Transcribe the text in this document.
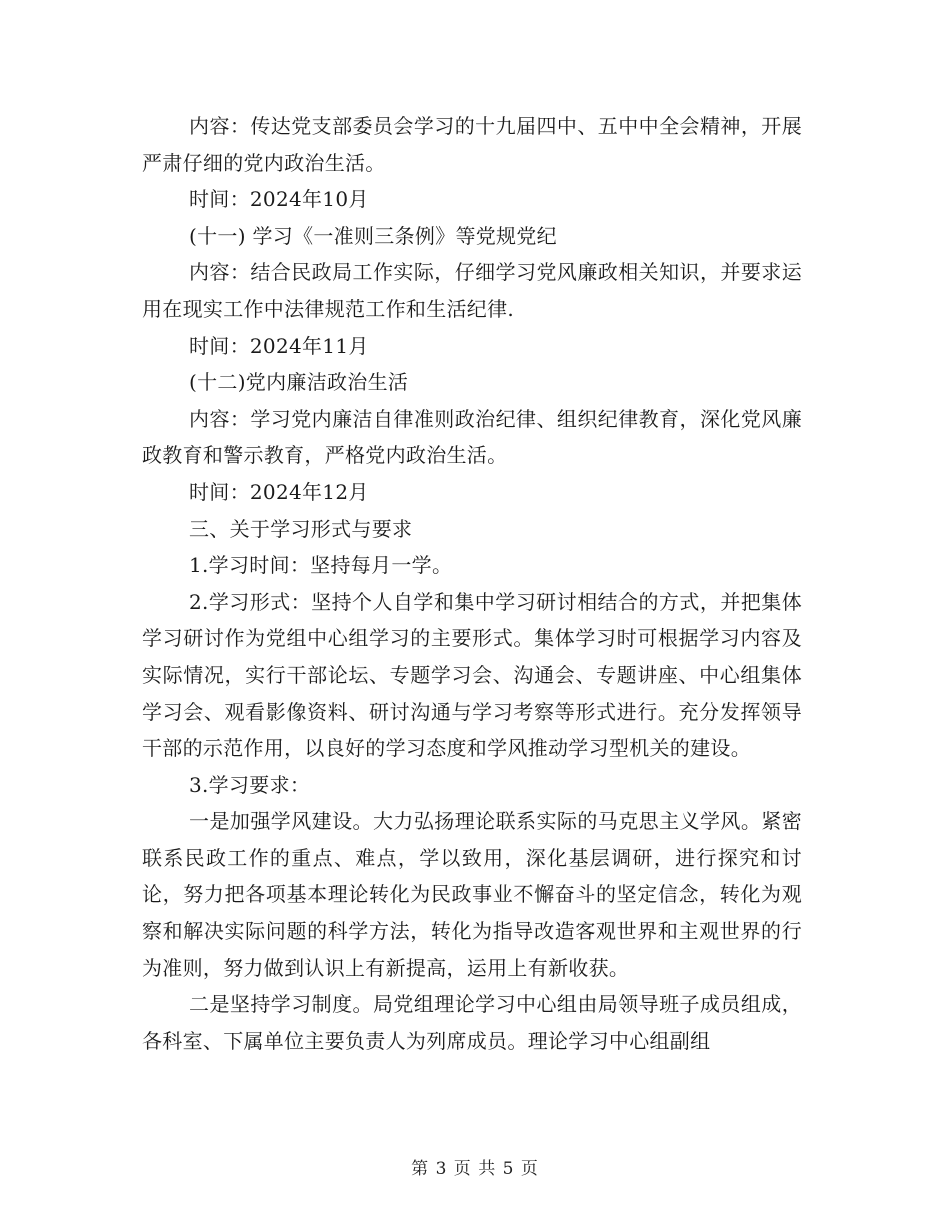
内容：传达党支部委员会学习的十九届四中、五中中全会精神，开展严肃仔细的党内政治生活。

时间：2024年10月

(十一) 学习《一准则三条例》等党规党纪

内容：结合民政局工作实际，仔细学习党风廉政相关知识，并要求运用在现实工作中法律规范工作和生活纪律.

时间：2024年11月

(十二)党内廉洁政治生活

内容：学习党内廉洁自律准则政治纪律、组织纪律教育，深化党风廉政教育和警示教育，严格党内政治生活。

时间：2024年12月

三、关于学习形式与要求

1.学习时间：坚持每月一学。

2.学习形式：坚持个人自学和集中学习研讨相结合的方式，并把集体学习研讨作为党组中心组学习的主要形式。集体学习时可根据学习内容及实际情况，实行干部论坛、专题学习会、沟通会、专题讲座、中心组集体学习会、观看影像资料、研讨沟通与学习考察等形式进行。充分发挥领导干部的示范作用，以良好的学习态度和学风推动学习型机关的建设。

3.学习要求：

一是加强学风建设。大力弘扬理论联系实际的马克思主义学风。紧密联系民政工作的重点、难点，学以致用，深化基层调研，进行探究和讨论，努力把各项基本理论转化为民政事业不懈奋斗的坚定信念，转化为观察和解决实际问题的科学方法，转化为指导改造客观世界和主观世界的行为准则，努力做到认识上有新提高，运用上有新收获。

二是坚持学习制度。局党组理论学习中心组由局领导班子成员组成，各科室、下属单位主要负责人为列席成员。理论学习中心组副组

第 3 页 共 5 页
